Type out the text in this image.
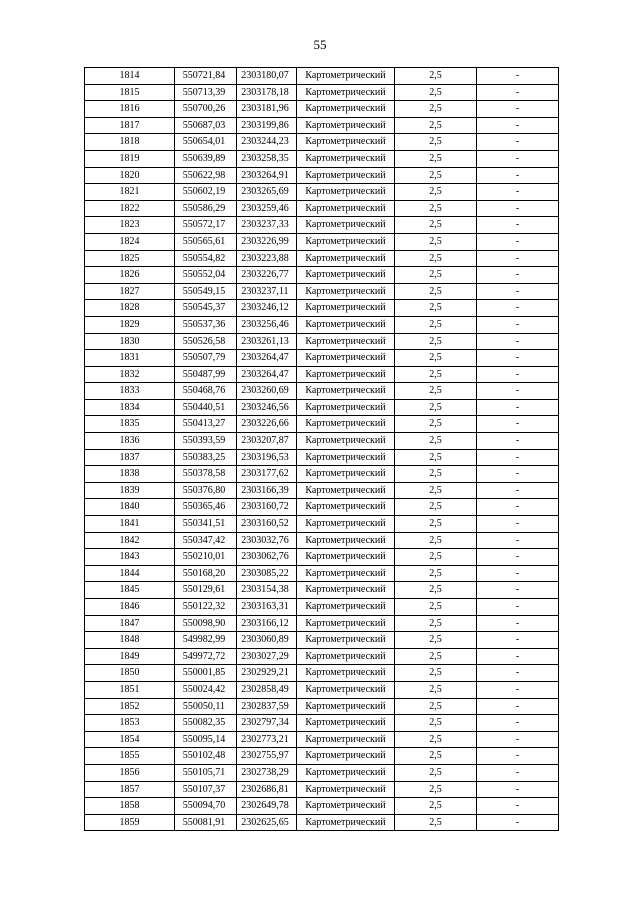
55
1814	550721,84	2303180,07	Картометрический	2,5	-
1815	550713,39	2303178,18	Картометрический	2,5	-
1816	550700,26	2303181,96	Картометрический	2,5	-
1817	550687,03	2303199,86	Картометрический	2,5	-
1818	550654,01	2303244,23	Картометрический	2,5	-
1819	550639,89	2303258,35	Картометрический	2,5	-
1820	550622,98	2303264,91	Картометрический	2,5	-
1821	550602,19	2303265,69	Картометрический	2,5	-
1822	550586,29	2303259,46	Картометрический	2,5	-
1823	550572,17	2303237,33	Картометрический	2,5	-
1824	550565,61	2303226,99	Картометрический	2,5	-
1825	550554,82	2303223,88	Картометрический	2,5	-
1826	550552,04	2303226,77	Картометрический	2,5	-
1827	550549,15	2303237,11	Картометрический	2,5	-
1828	550545,37	2303246,12	Картометрический	2,5	-
1829	550537,36	2303256,46	Картометрический	2,5	-
1830	550526,58	2303261,13	Картометрический	2,5	-
1831	550507,79	2303264,47	Картометрический	2,5	-
1832	550487,99	2303264,47	Картометрический	2,5	-
1833	550468,76	2303260,69	Картометрический	2,5	-
1834	550440,51	2303246,56	Картометрический	2,5	-
1835	550413,27	2303226,66	Картометрический	2,5	-
1836	550393,59	2303207,87	Картометрический	2,5	-
1837	550383,25	2303196,53	Картометрический	2,5	-
1838	550378,58	2303177,62	Картометрический	2,5	-
1839	550376,80	2303166,39	Картометрический	2,5	-
1840	550365,46	2303160,72	Картометрический	2,5	-
1841	550341,51	2303160,52	Картометрический	2,5	-
1842	550347,42	2303032,76	Картометрический	2,5	-
1843	550210,01	2303062,76	Картометрический	2,5	-
1844	550168,20	2303085,22	Картометрический	2,5	-
1845	550129,61	2303154,38	Картометрический	2,5	-
1846	550122,32	2303163,31	Картометрический	2,5	-
1847	550098,90	2303166,12	Картометрический	2,5	-
1848	549982,99	2303060,89	Картометрический	2,5	-
1849	549972,72	2303027,29	Картометрический	2,5	-
1850	550001,85	2302929,21	Картометрический	2,5	-
1851	550024,42	2302858,49	Картометрический	2,5	-
1852	550050,11	2302837,59	Картометрический	2,5	-
1853	550082,35	2302797,34	Картометрический	2,5	-
1854	550095,14	2302773,21	Картометрический	2,5	-
1855	550102,48	2302755,97	Картометрический	2,5	-
1856	550105,71	2302738,29	Картометрический	2,5	-
1857	550107,37	2302686,81	Картометрический	2,5	-
1858	550094,70	2302649,78	Картометрический	2,5	-
1859	550081,91	2302625,65	Картометрический	2,5	-
